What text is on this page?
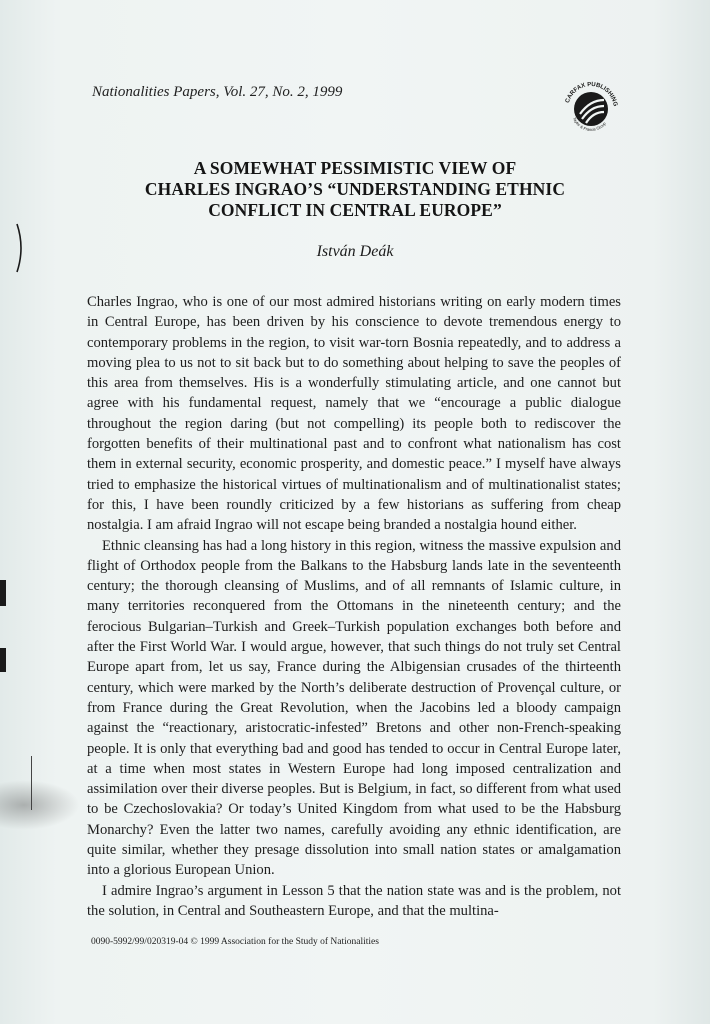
Nationalities Papers, Vol. 27, No. 2, 1999
CARFAX PUBLISHING
Taylor & Francis Group
A SOMEWHAT PESSIMISTIC VIEW OF
CHARLES INGRAO’S “UNDERSTANDING ETHNIC
CONFLICT IN CENTRAL EUROPE”
István Deák

Charles Ingrao, who is one of our most admired historians writing on early modern times in Central Europe, has been driven by his conscience to devote tremendous energy to contemporary problems in the region, to visit war-torn Bosnia repeatedly, and to address a moving plea to us not to sit back but to do something about helping to save the peoples of this area from themselves. His is a wonderfully stimulating article, and one cannot but agree with his fundamental request, namely that we “encourage a public dialogue throughout the region daring (but not compelling) its people both to rediscover the forgotten benefits of their multinational past and to confront what nationalism has cost them in external security, economic prosperity, and domestic peace.” I myself have always tried to emphasize the historical virtues of multinationalism and of multinationalist states; for this, I have been roundly criticized by a few historians as suffering from cheap nostalgia. I am afraid Ingrao will not escape being branded a nostalgia hound either.

Ethnic cleansing has had a long history in this region, witness the massive expulsion and flight of Orthodox people from the Balkans to the Habsburg lands late in the seventeenth century; the thorough cleansing of Muslims, and of all remnants of Islamic culture, in many territories reconquered from the Ottomans in the nineteenth century; and the ferocious Bulgarian–Turkish and Greek–Turkish population exchanges both before and after the First World War. I would argue, however, that such things do not truly set Central Europe apart from, let us say, France during the Albigensian crusades of the thirteenth century, which were marked by the North’s deliberate destruction of Provençal culture, or from France during the Great Revolution, when the Jacobins led a bloody campaign against the “reactionary, aristocratic-infested” Bretons and other non-French-speaking people. It is only that everything bad and good has tended to occur in Central Europe later, at a time when most states in Western Europe had long imposed centralization and assimilation over their diverse peoples. But is Belgium, in fact, so different from what used to be Czechoslovakia? Or today’s United Kingdom from what used to be the Habsburg Monarchy? Even the latter two names, carefully avoiding any ethnic identification, are quite similar, whether they presage dissolution into small nation states or amalgamation into a glorious European Union.

I admire Ingrao’s argument in Lesson 5 that the nation state was and is the problem, not the solution, in Central and Southeastern Europe, and that the multina-

0090-5992/99/020319-04 © 1999 Association for the Study of Nationalities
